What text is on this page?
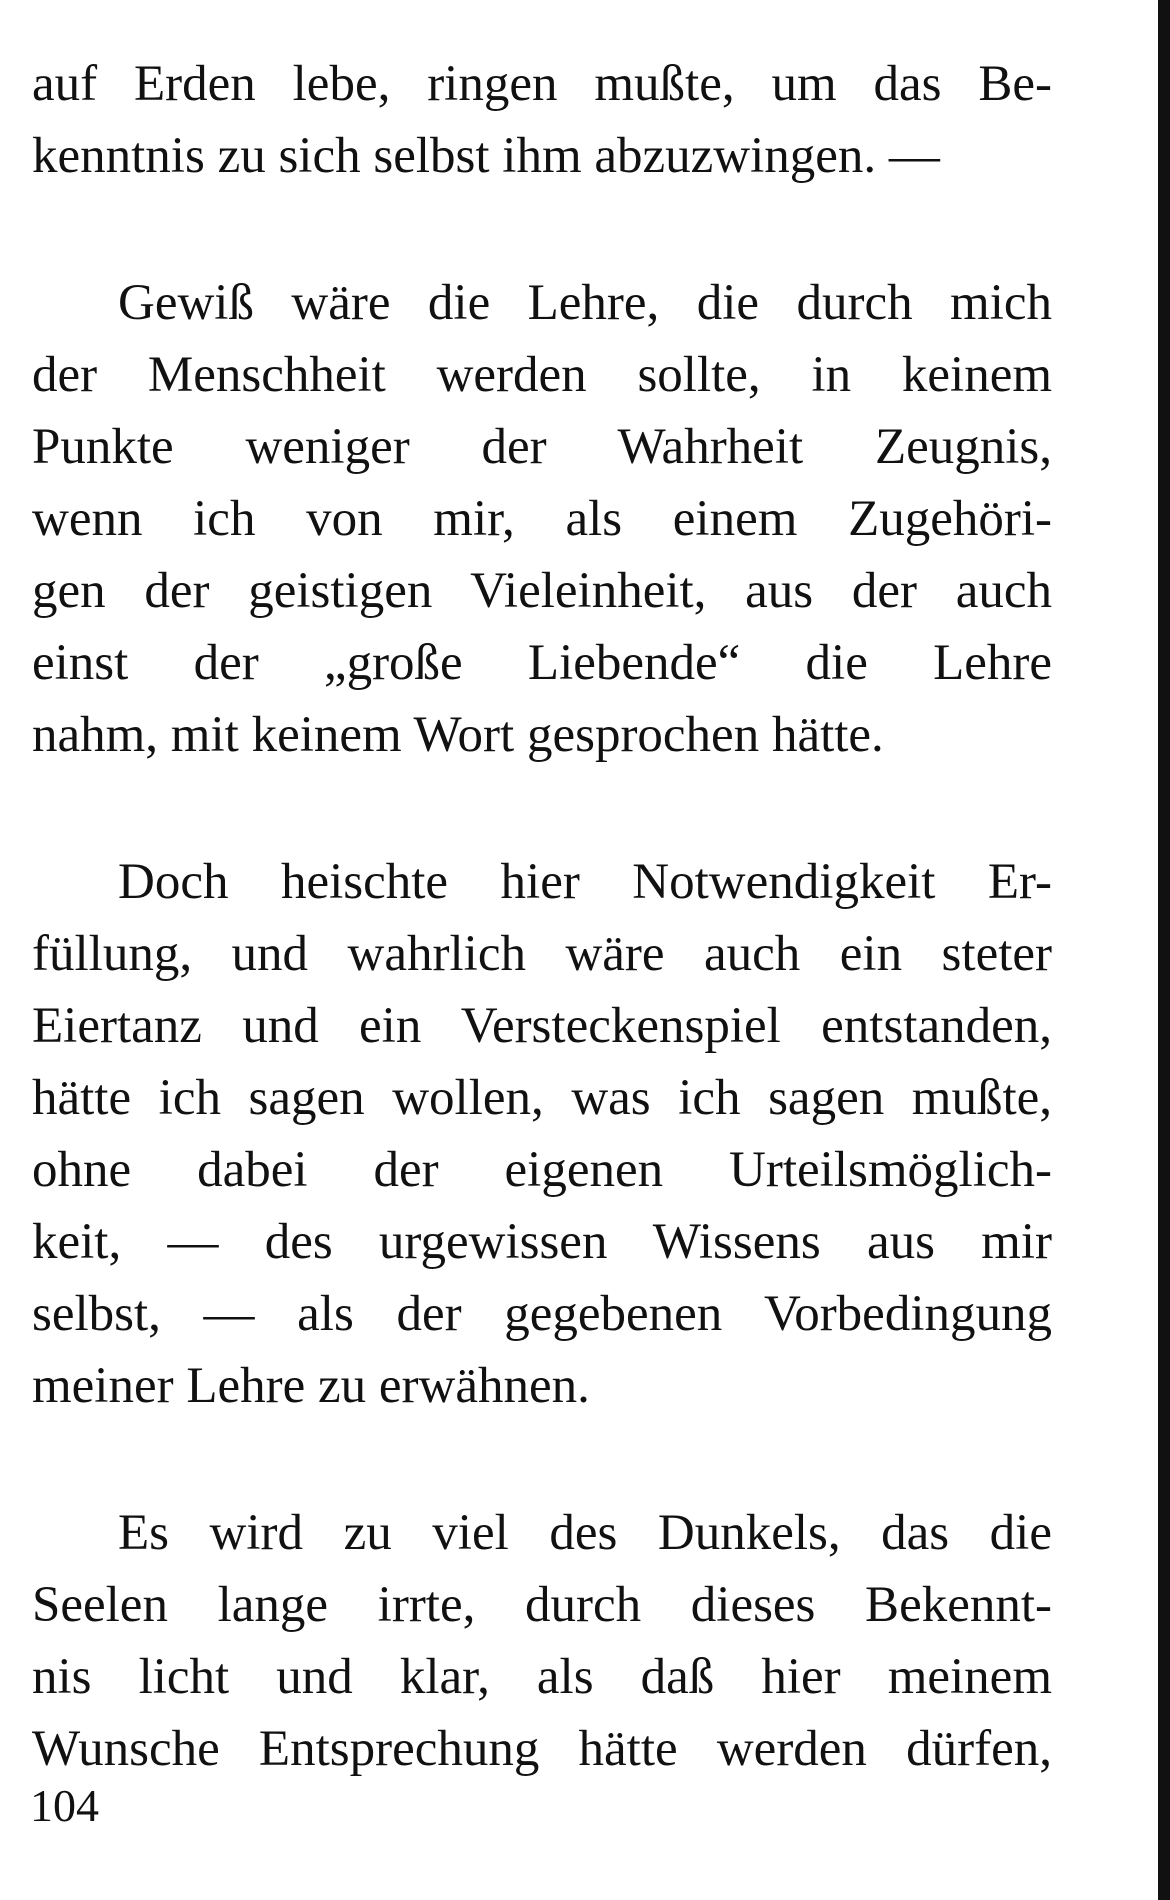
auf Erden lebe, ringen mußte, um das Be-
kenntnis zu sich selbst ihm abzuzwingen. —
Gewiß wäre die Lehre, die durch mich
der Menschheit werden sollte, in keinem
Punkte weniger der Wahrheit Zeugnis,
wenn ich von mir, als einem Zugehöri-
gen der geistigen Vieleinheit, aus der auch
einst der „große Liebende“ die Lehre
nahm, mit keinem Wort gesprochen hätte.
Doch heischte hier Notwendigkeit Er-
füllung, und wahrlich wäre auch ein steter
Eiertanz und ein Versteckenspiel entstanden,
hätte ich sagen wollen, was ich sagen mußte,
ohne dabei der eigenen Urteilsmöglich-
keit, — des urgewissen Wissens aus mir
selbst, — als der gegebenen Vorbedingung
meiner Lehre zu erwähnen.
Es wird zu viel des Dunkels, das die
Seelen lange irrte, durch dieses Bekennt-
nis licht und klar, als daß hier meinem
Wunsche Entsprechung hätte werden dürfen,
104
